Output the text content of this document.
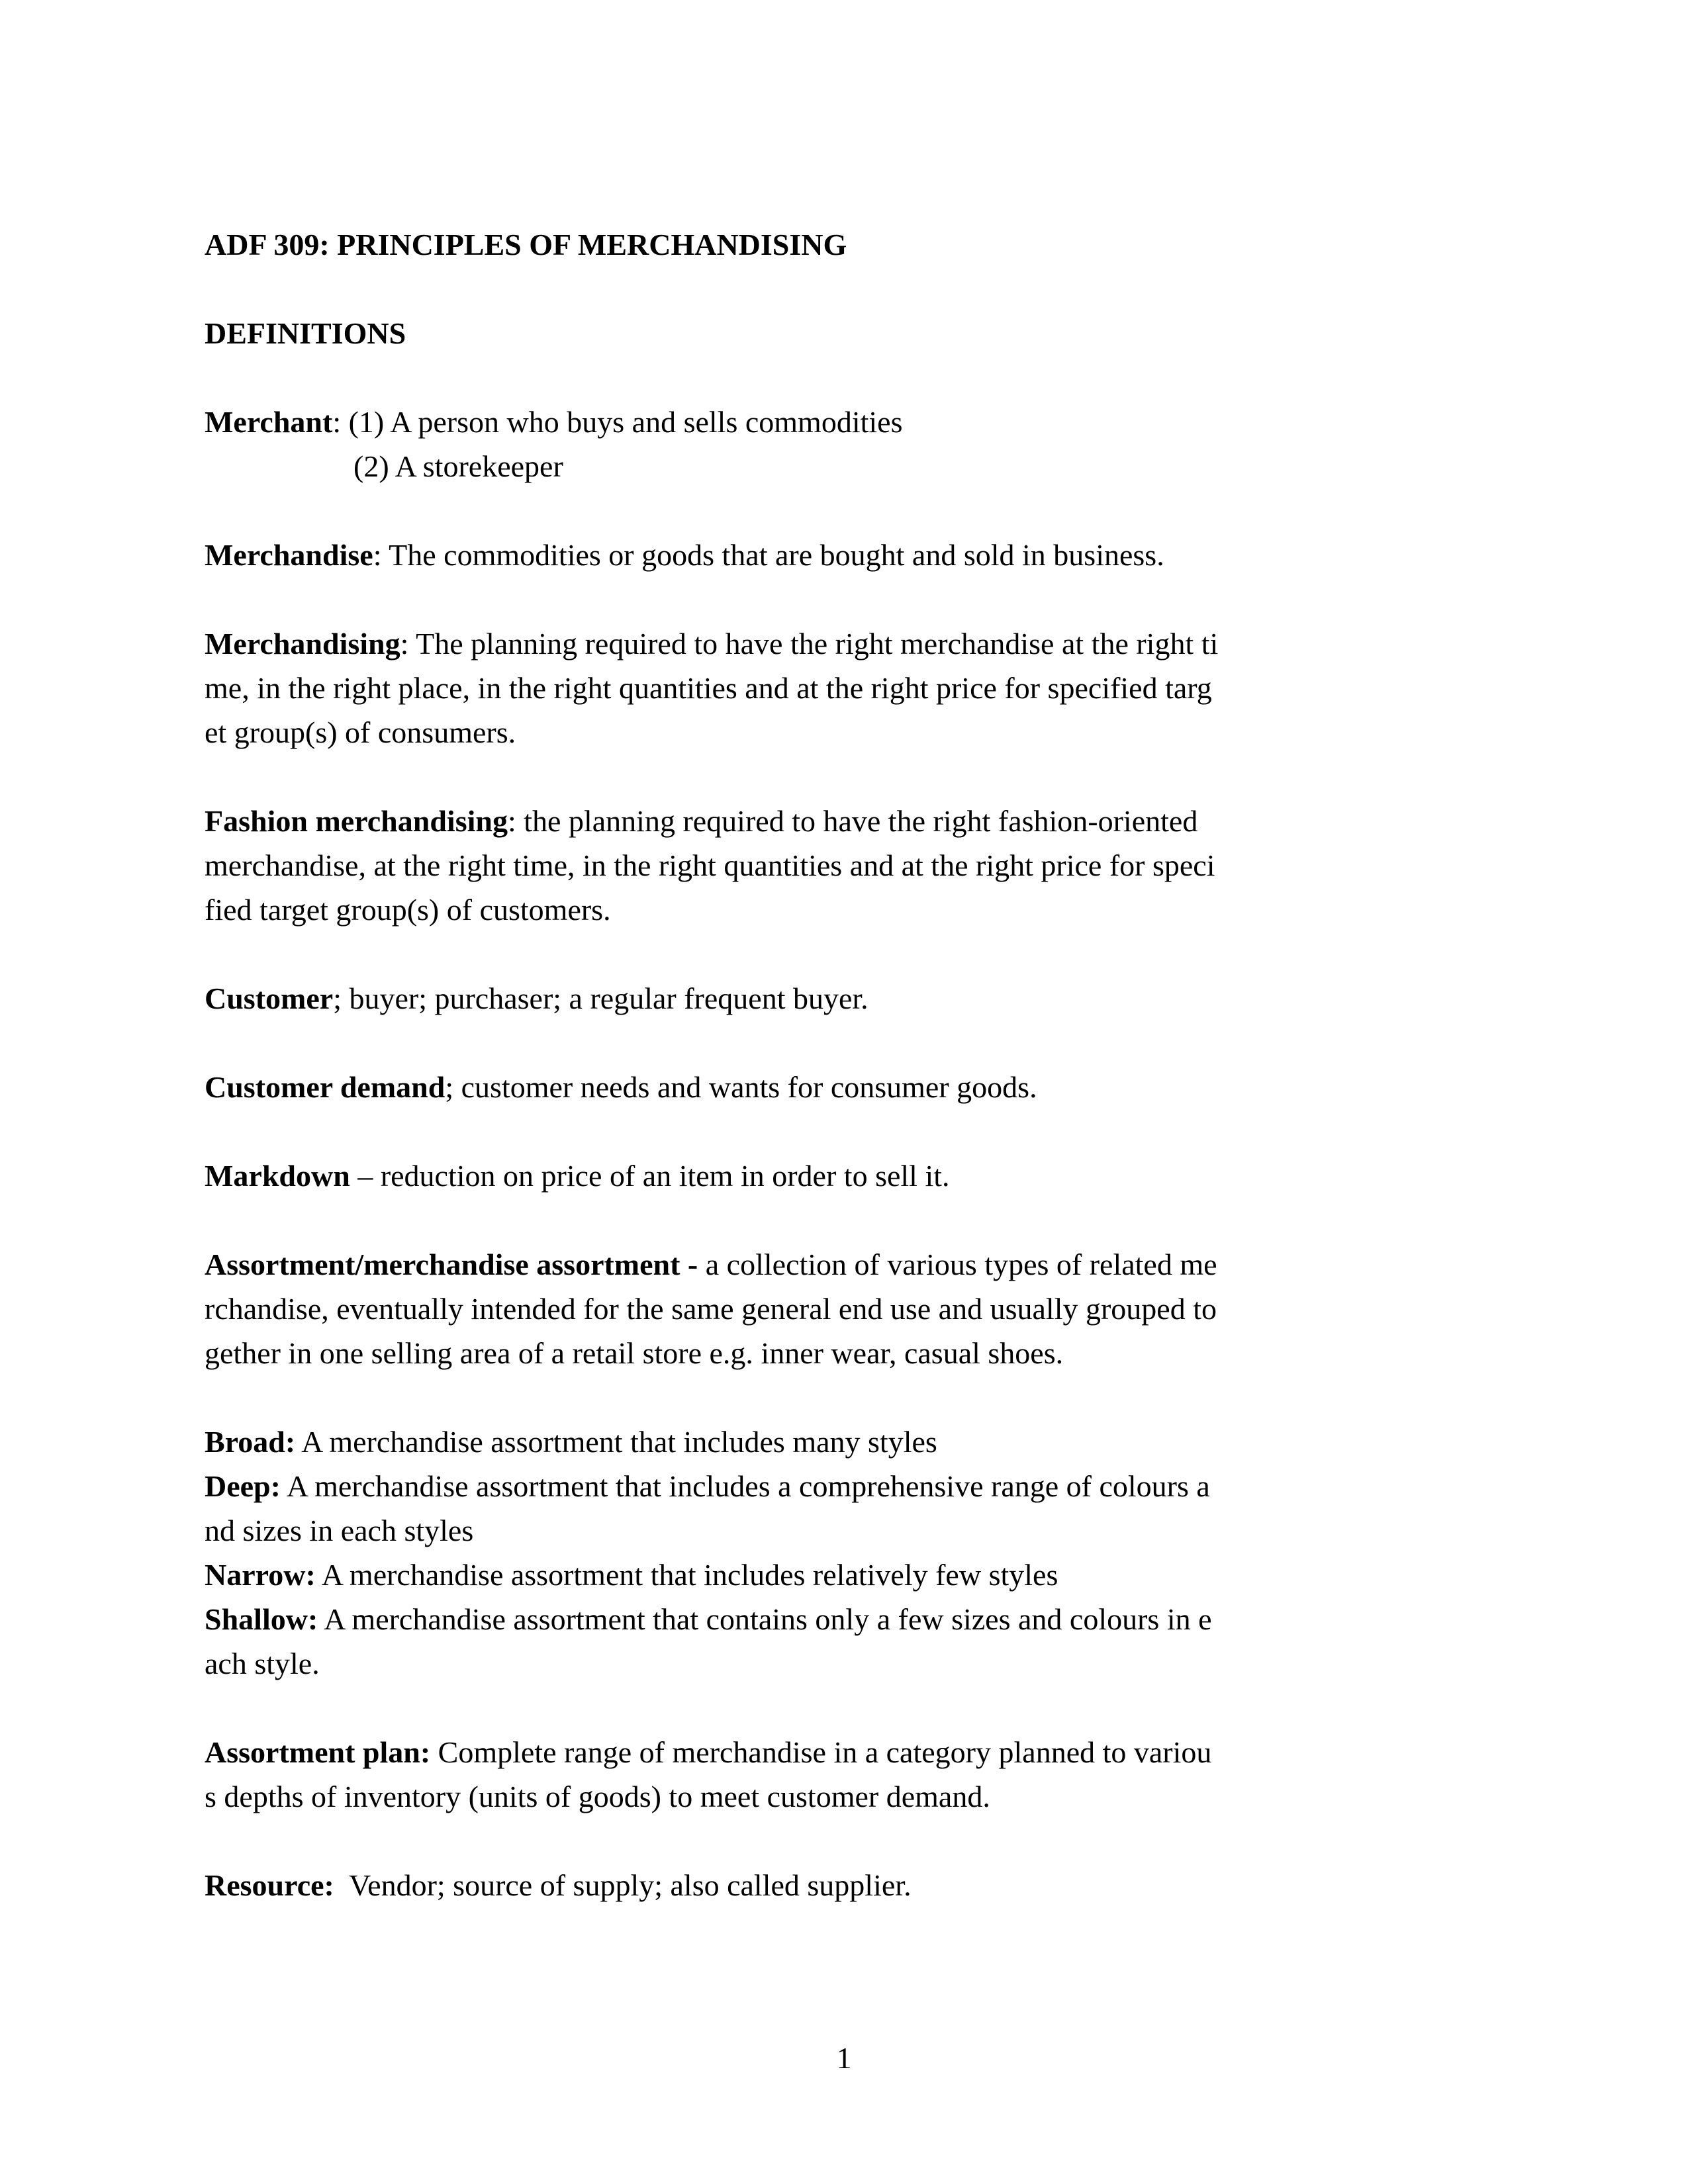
ADF 309: PRINCIPLES OF MERCHANDISING
DEFINITIONS
Merchant: (1) A person who buys and sells commodities
(2) A storekeeper
Merchandise: The commodities or goods that are bought and sold in business.
Merchandising: The planning required to have the right merchandise at the right ti
me, in the right place, in the right quantities and at the right price for specified targ
et group(s) of consumers.
Fashion merchandising: the planning required to have the right fashion-oriented
merchandise, at the right time, in the right quantities and at the right price for speci
fied target group(s) of customers.
Customer; buyer; purchaser; a regular frequent buyer.
Customer demand; customer needs and wants for consumer goods.
Markdown – reduction on price of an item in order to sell it.
Assortment/merchandise assortment - a collection of various types of related me
rchandise, eventually intended for the same general end use and usually grouped to
gether in one selling area of a retail store e.g. inner wear, casual shoes.
Broad: A merchandise assortment that includes many styles
Deep: A merchandise assortment that includes a comprehensive range of colours a
nd sizes in each styles
Narrow: A merchandise assortment that includes relatively few styles
Shallow: A merchandise assortment that contains only a few sizes and colours in e
ach style.
Assortment plan: Complete range of merchandise in a category planned to variou
s depths of inventory (units of goods) to meet customer demand.
Resource:  Vendor; source of supply; also called supplier.
1
